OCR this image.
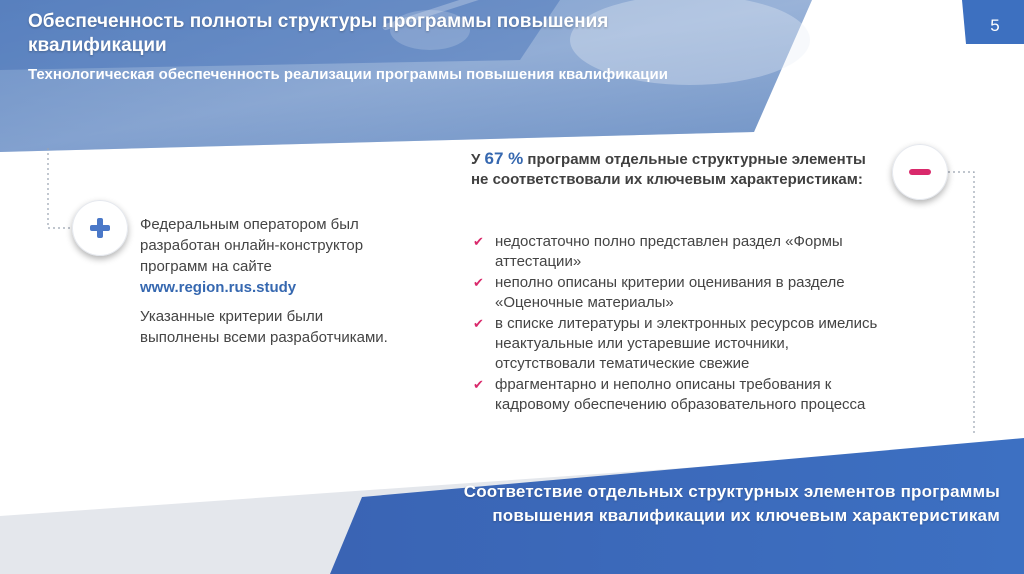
Обеспеченность полноты структуры программы повышения квалификации
Технологическая обеспеченность реализации программы повышения квалификации
5

Федеральным оператором был разработан онлайн-конструктор программ на сайте www.region.rus.study

Указанные критерии были выполнены всеми разработчиками.

У 67 % программ отдельные структурные элементы не соответствовали их ключевым характеристикам:
✔ недостаточно полно представлен раздел «Формы аттестации»
✔ неполно описаны критерии оценивания в разделе «Оценочные материалы»
✔ в списке литературы и электронных ресурсов имелись неактуальные или устаревшие источники, отсутствовали тематические свежие
✔ фрагментарно и неполно описаны требования к кадровому обеспечению образовательного процесса
Соответствие отдельных структурных элементов программы повышения квалификации их ключевым характеристикам
